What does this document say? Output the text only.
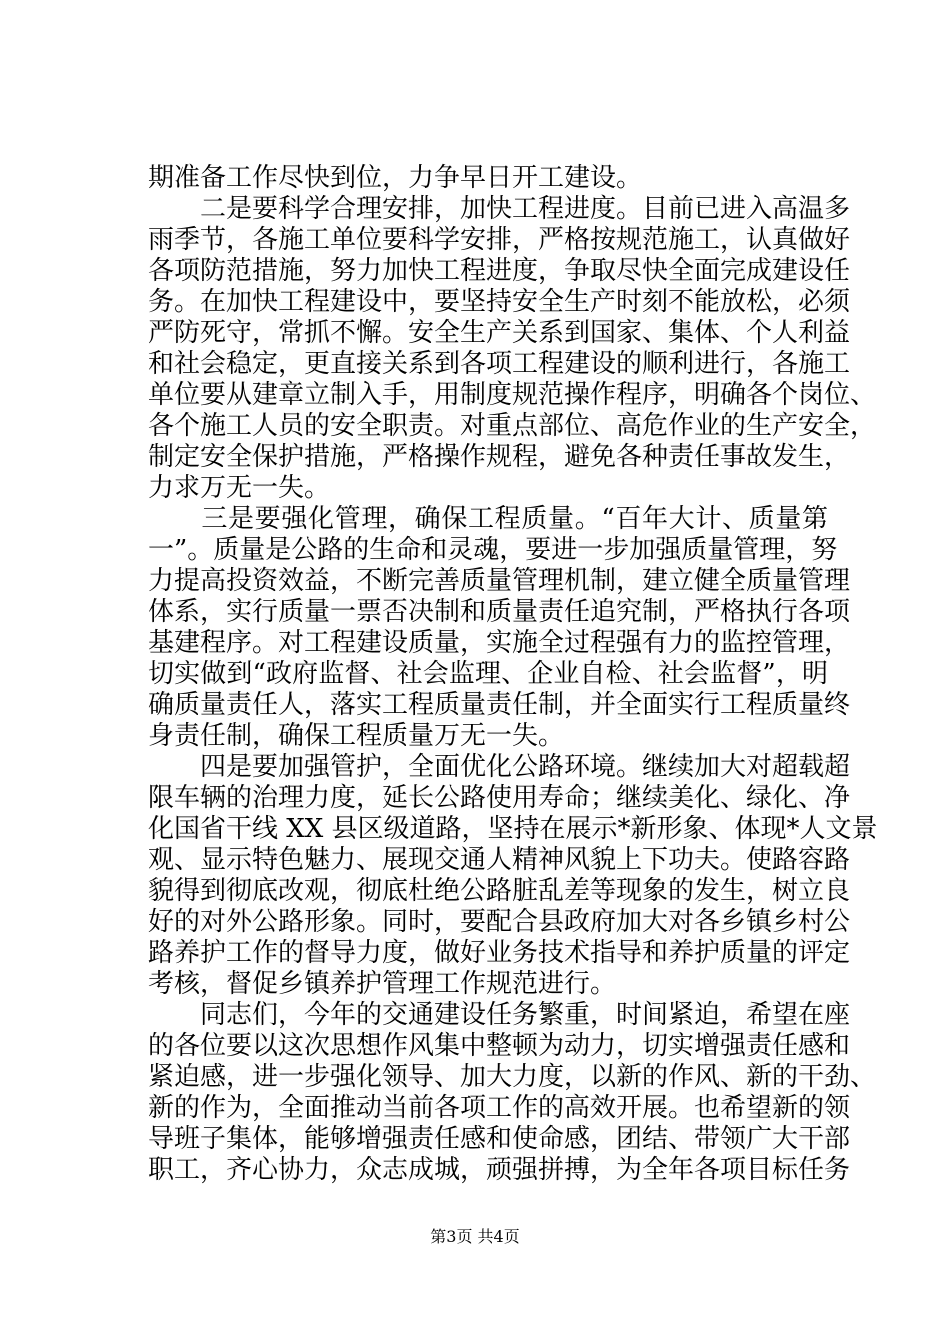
期准备工作尽快到位，力争早日开工建设。
　　二是要科学合理安排，加快工程进度。目前已进入高温多
雨季节，各施工单位要科学安排，严格按规范施工，认真做好
各项防范措施，努力加快工程进度，争取尽快全面完成建设任
务。在加快工程建设中，要坚持安全生产时刻不能放松，必须
严防死守，常抓不懈。安全生产关系到国家、集体、个人利益
和社会稳定，更直接关系到各项工程建设的顺利进行，各施工
单位要从建章立制入手，用制度规范操作程序，明确各个岗位、
各个施工人员的安全职责。对重点部位、高危作业的生产安全，
制定安全保护措施，严格操作规程，避免各种责任事故发生，
力求万无一失。
　　三是要强化管理，确保工程质量。“百年大计、质量第
一”。质量是公路的生命和灵魂，要进一步加强质量管理，努
力提高投资效益，不断完善质量管理机制，建立健全质量管理
体系，实行质量一票否决制和质量责任追究制，严格执行各项
基建程序。对工程建设质量，实施全过程强有力的监控管理，
切实做到“政府监督、社会监理、企业自检、社会监督”，明
确质量责任人，落实工程质量责任制，并全面实行工程质量终
身责任制，确保工程质量万无一失。
　　四是要加强管护，全面优化公路环境。继续加大对超载超
限车辆的治理力度，延长公路使用寿命；继续美化、绿化、净
化国省干线 XX 县区级道路，坚持在展示*新形象、体现*人文景
观、显示特色魅力、展现交通人精神风貌上下功夫。使路容路
貌得到彻底改观，彻底杜绝公路脏乱差等现象的发生，树立良
好的对外公路形象。同时，要配合县政府加大对各乡镇乡村公
路养护工作的督导力度，做好业务技术指导和养护质量的评定
考核，督促乡镇养护管理工作规范进行。
　　同志们，今年的交通建设任务繁重，时间紧迫，希望在座
的各位要以这次思想作风集中整顿为动力，切实增强责任感和
紧迫感，进一步强化领导、加大力度，以新的作风、新的干劲、
新的作为，全面推动当前各项工作的高效开展。也希望新的领
导班子集体，能够增强责任感和使命感，团结、带领广大干部
职工，齐心协力，众志成城，顽强拼搏，为全年各项目标任务
第3页 共4页
